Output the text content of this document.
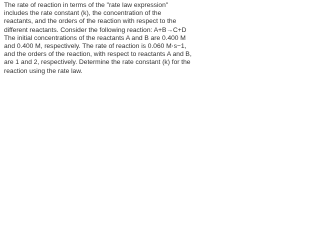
The rate of reaction in terms of the "rate law expression"
includes the rate constant (k), the concentration of the
reactants, and the orders of the reaction with respect to the
different reactants. Consider the following reaction: A+B→C+D
The initial concentrations of the reactants A and B are 0.400 M
and 0.400 M, respectively. The rate of reaction is 0.060 M⋅s−1,
and the orders of the reaction, with respect to reactants A and B,
are 1 and 2, respectively. Determine the rate constant (k) for the
reaction using the rate law.
